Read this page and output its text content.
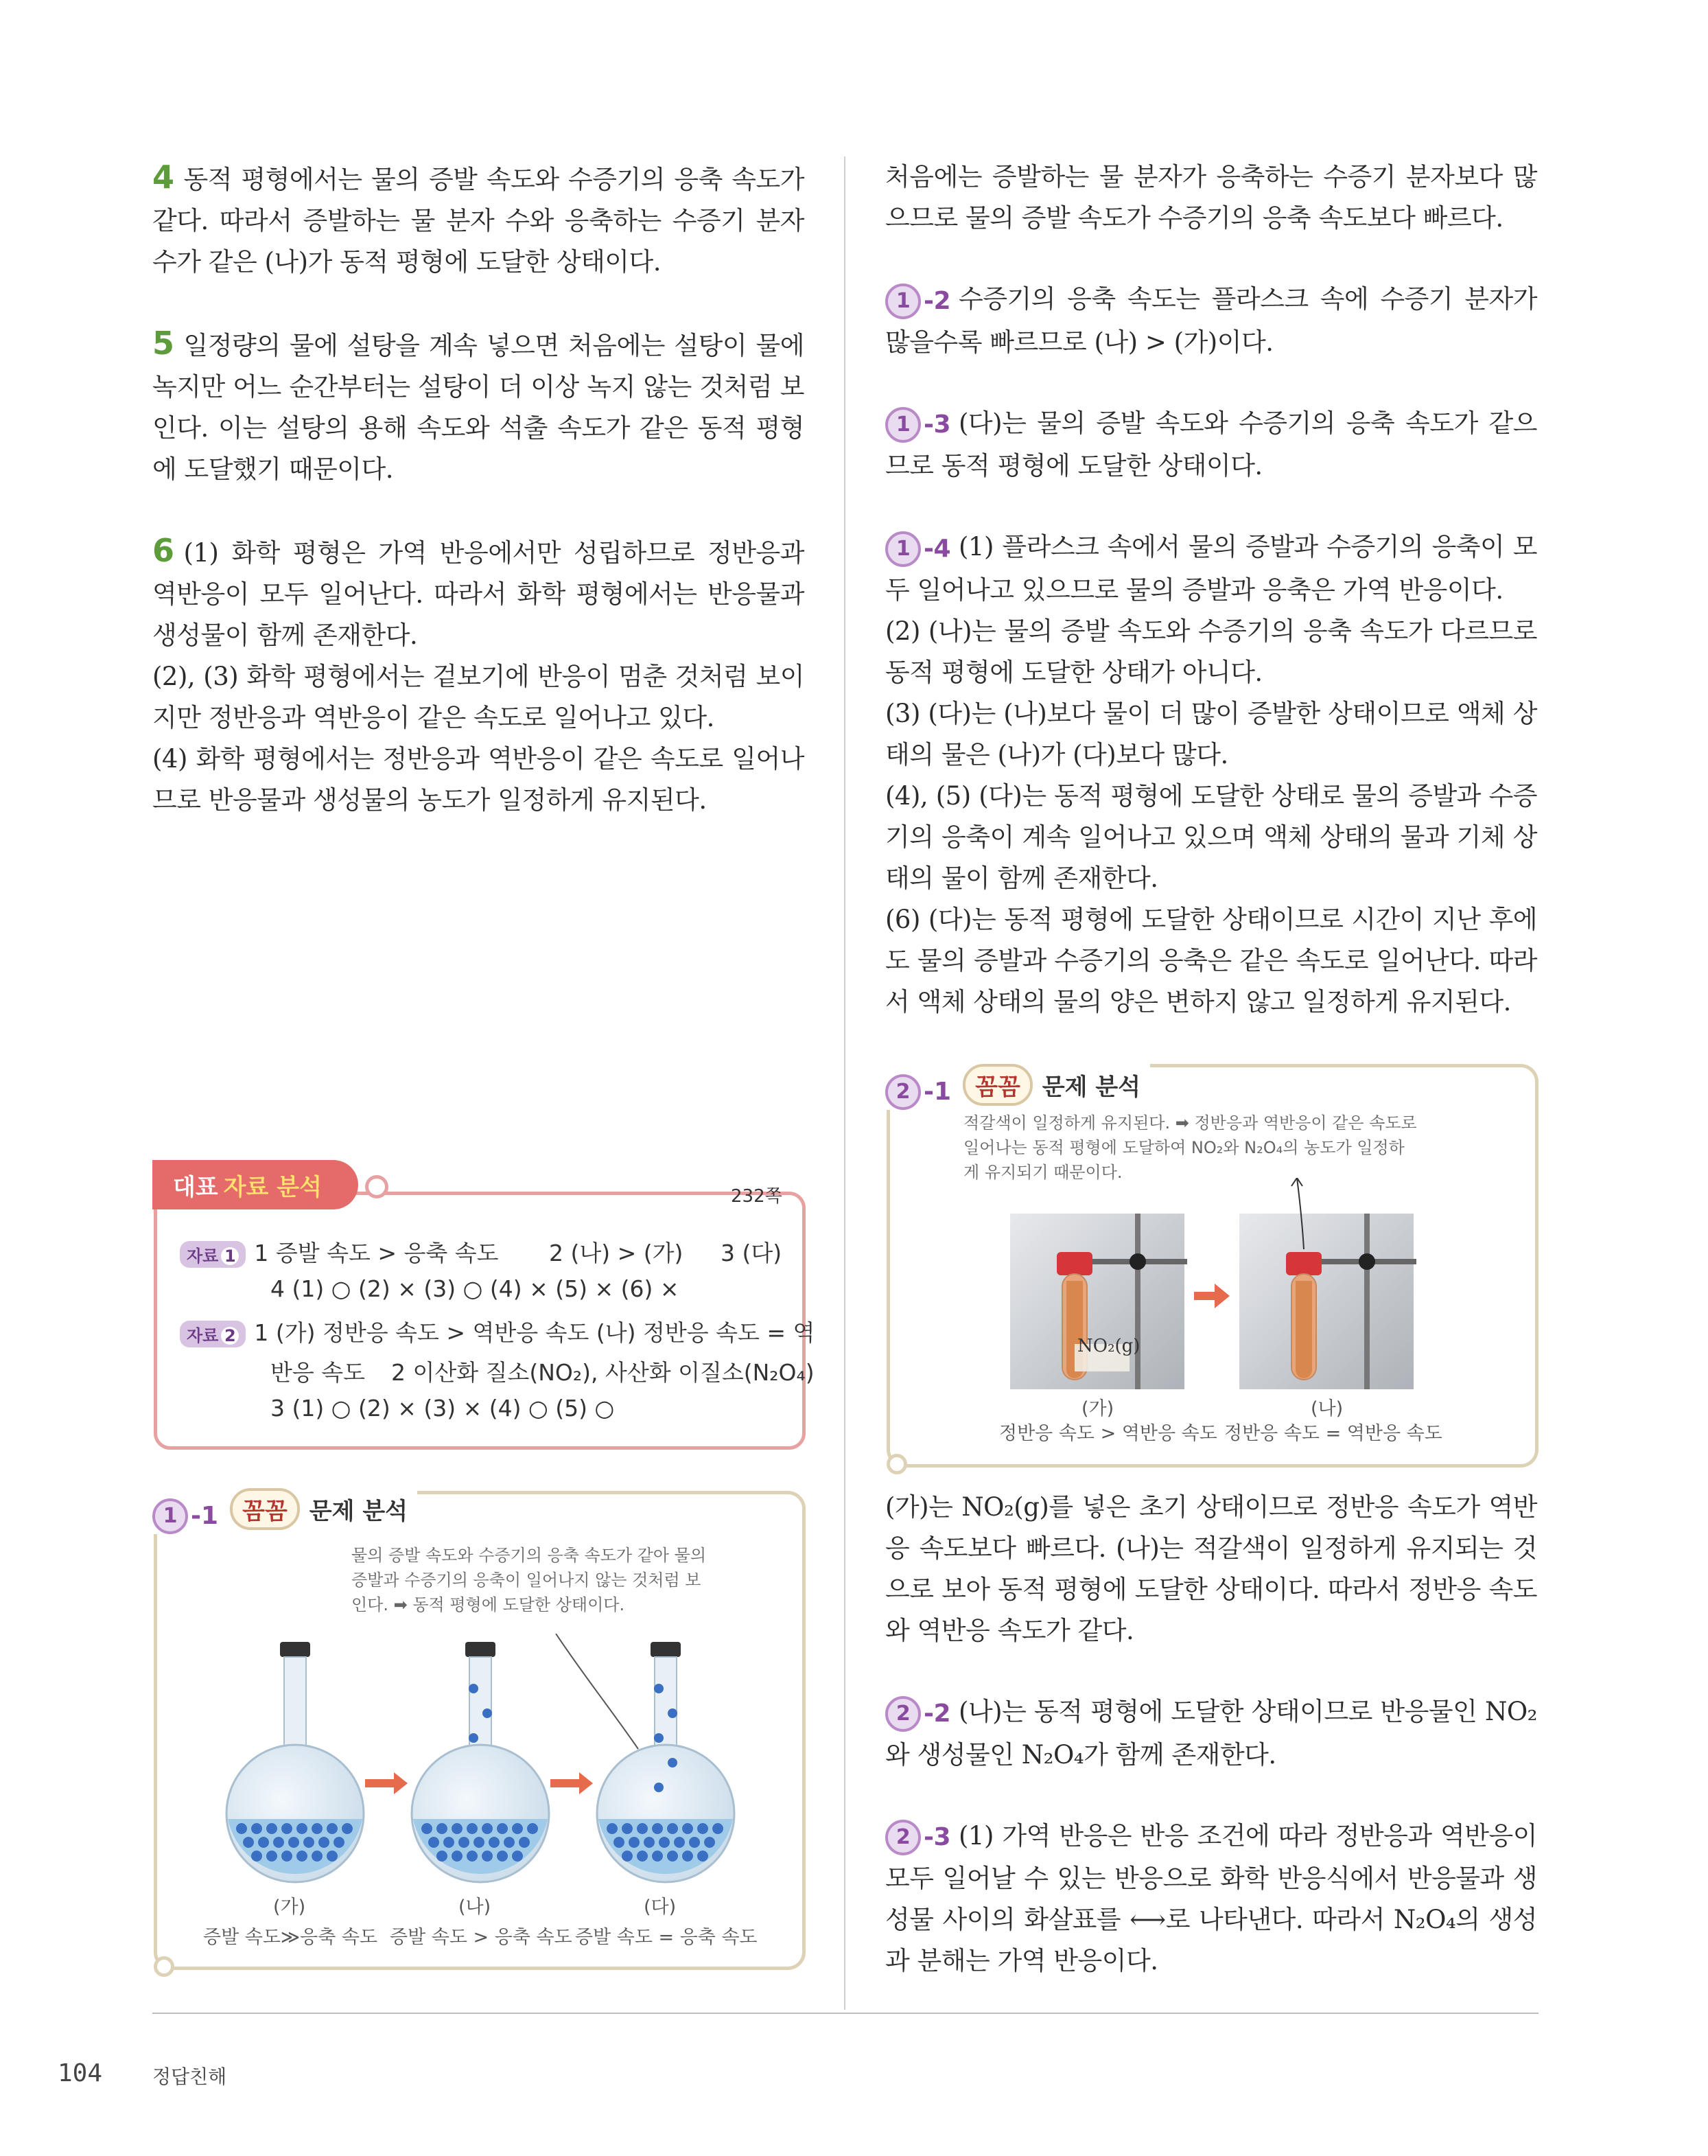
4 동적 평형에서는 물의 증발 속도와 수증기의 응축 속도가 같다. 따라서 증발하는 물 분자 수와 응축하는 수증기 분자 수가 같은 (나)가 동적 평형에 도달한 상태이다.

5 일정량의 물에 설탕을 계속 넣으면 처음에는 설탕이 물에 녹지만 어느 순간부터는 설탕이 더 이상 녹지 않는 것처럼 보인다. 이는 설탕의 용해 속도와 석출 속도가 같은 동적 평형에 도달했기 때문이다.

6 (1) 화학 평형은 가역 반응에서만 성립하므로 정반응과 역반응이 모두 일어난다. 따라서 화학 평형에서는 반응물과 생성물이 함께 존재한다.

(2), (3) 화학 평형에서는 겉보기에 반응이 멈춘 것처럼 보이지만 정반응과 역반응이 같은 속도로 일어나고 있다.

(4) 화학 평형에서는 정반응과 역반응이 같은 속도로 일어나므로 반응물과 생성물의 농도가 일정하게 유지된다.

대표 자료 분석	232쪽
자료 1 1 증발 속도 > 응축 속도 2 (나) > (가) 3 (다)
4 (1) ○ (2) × (3) ○ (4) × (5) × (6) ×
자료 2 1 (가) 정반응 속도 > 역반응 속도 (나) 정반응 속도 = 역
반응 속도 2 이산화 질소(NO₂), 사산화 이질소(N₂O₄)
3 (1) ○ (2) × (3) × (4) ○ (5) ○
1 -1
	꼼꼼 문제 분석
물의 증발 속도와 수증기의 응축 속도가 같아 물의
증발과 수증기의 응축이 일어나지 않는 것처럼 보
인다. ➡ 동적 평형에 도달한 상태이다.
(가)	(나)	(다)
증발 속도≫응축 속도 증발 속도 > 응축 속도 증발 속도 = 응축 속도

처음에는 증발하는 물 분자가 응축하는 수증기 분자보다 많으므로 물의 증발 속도가 수증기의 응축 속도보다 빠르다.

1 -2 수증기의 응축 속도는 플라스크 속에 수증기 분자가 많을수록 빠르므로 (나) > (가)이다.

1 -3 (다)는 물의 증발 속도와 수증기의 응축 속도가 같으므로 동적 평형에 도달한 상태이다.

1 -4 (1) 플라스크 속에서 물의 증발과 수증기의 응축이 모두 일어나고 있으므로 물의 증발과 응축은 가역 반응이다.

(2) (나)는 물의 증발 속도와 수증기의 응축 속도가 다르므로 동적 평형에 도달한 상태가 아니다.

(3) (다)는 (나)보다 물이 더 많이 증발한 상태이므로 액체 상태의 물은 (나)가 (다)보다 많다.

(4), (5) (다)는 동적 평형에 도달한 상태로 물의 증발과 수증기의 응축이 계속 일어나고 있으며 액체 상태의 물과 기체 상태의 물이 함께 존재한다.

(6) (다)는 동적 평형에 도달한 상태이므로 시간이 지난 후에도 물의 증발과 수증기의 응축은 같은 속도로 일어난다. 따라서 액체 상태의 물의 양은 변하지 않고 일정하게 유지된다.

2 -1
	꼼꼼 문제 분석
적갈색이 일정하게 유지된다. ➡ 정반응과 역반응이 같은 속도로
일어나는 동적 평형에 도달하여 NO₂와 N₂O₄의 농도가 일정하
게 유지되기 때문이다.
NO₂(g)
(가)	(나)
정반응 속도 > 역반응 속도 정반응 속도 = 역반응 속도

(가)는 NO₂(g)를 넣은 초기 상태이므로 정반응 속도가 역반응 속도보다 빠르다. (나)는 적갈색이 일정하게 유지되는 것으로 보아 동적 평형에 도달한 상태이다. 따라서 정반응 속도와 역반응 속도가 같다.

2 -2 (나)는 동적 평형에 도달한 상태이므로 반응물인 NO₂와 생성물인 N₂O₄가 함께 존재한다.

2 -3 (1) 가역 반응은 반응 조건에 따라 정반응과 역반응이 모두 일어날 수 있는 반응으로 화학 반응식에서 반응물과 생성물 사이의 화살표를 ⟷로 나타낸다. 따라서 N₂O₄의 생성과 분해는 가역 반응이다.

104	정답친해
